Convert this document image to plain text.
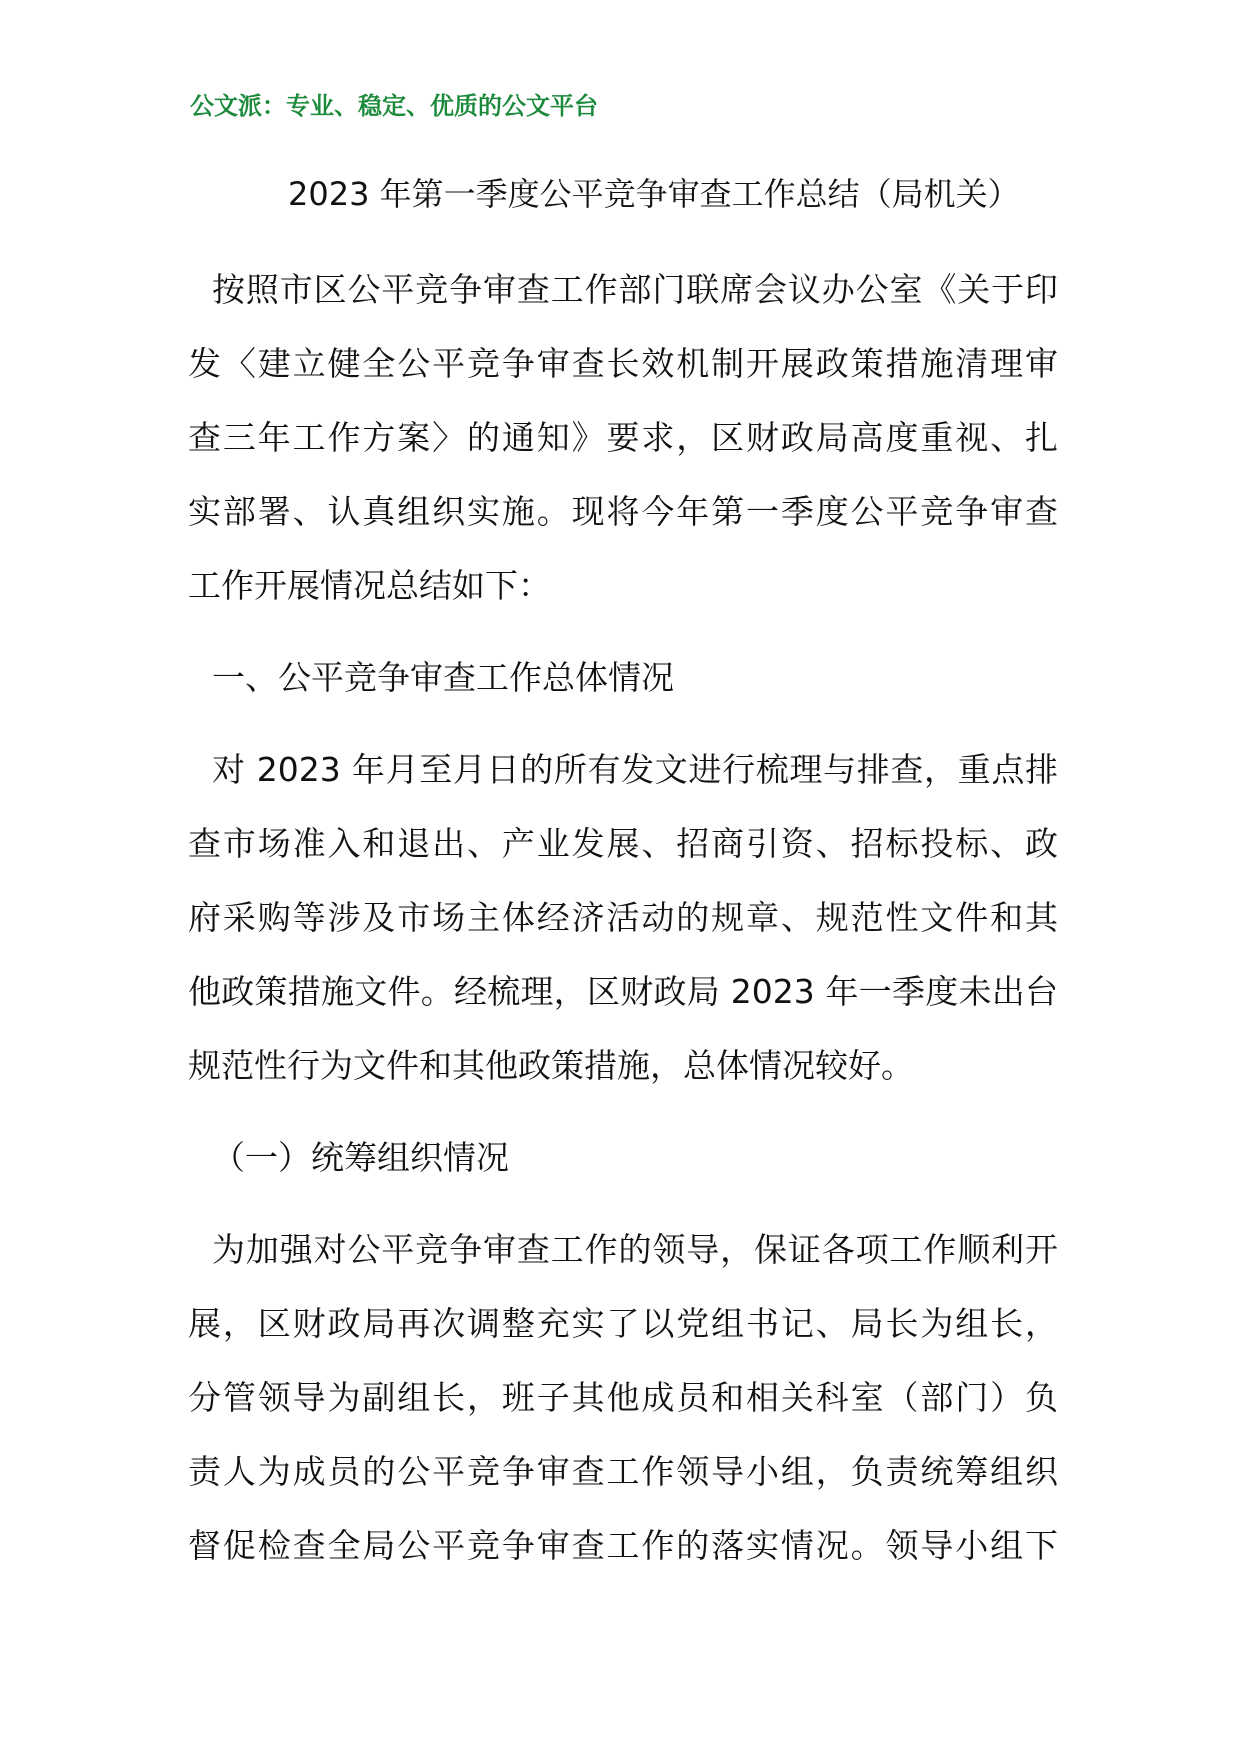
公文派：专业、稳定、优质的公文平台
2023 年第一季度公平竞争审查工作总结（局机关）
按照市区公平竞争审查工作部门联席会议办公室《关于印
发〈建立健全公平竞争审查长效机制开展政策措施清理审
查三年工作方案〉的通知》要求，区财政局高度重视、扎
实部署、认真组织实施。现将今年第一季度公平竞争审查
工作开展情况总结如下：
一、公平竞争审查工作总体情况
对 2023 年月至月日的所有发文进行梳理与排查，重点排
查市场准入和退出、产业发展、招商引资、招标投标、政
府采购等涉及市场主体经济活动的规章、规范性文件和其
他政策措施文件。经梳理，区财政局 2023 年一季度未出台
规范性行为文件和其他政策措施，总体情况较好。
（一）统筹组织情况
为加强对公平竞争审查工作的领导，保证各项工作顺利开
展，区财政局再次调整充实了以党组书记、局长为组长，
分管领导为副组长，班子其他成员和相关科室（部门）负
责人为成员的公平竞争审查工作领导小组，负责统筹组织
督促检查全局公平竞争审查工作的落实情况。领导小组下
